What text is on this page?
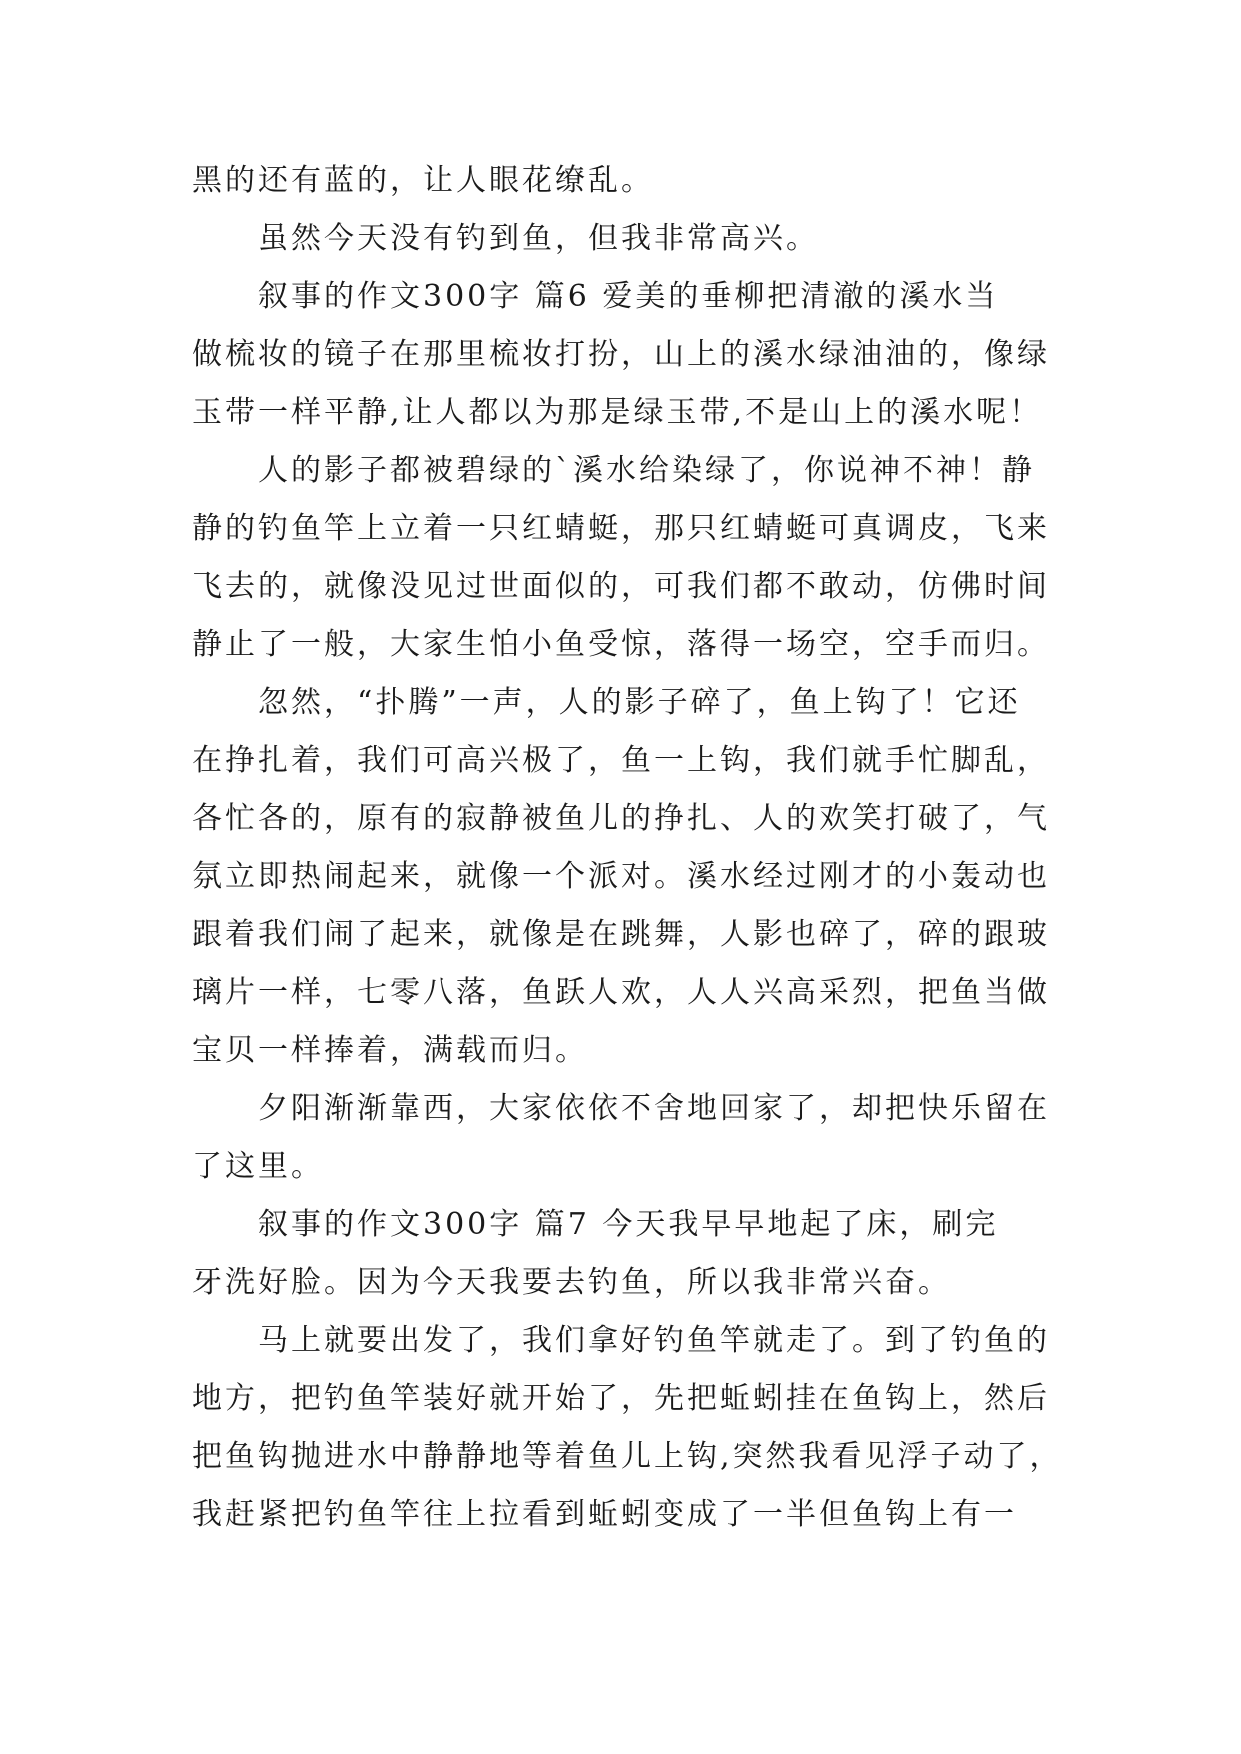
黑的还有蓝的，让人眼花缭乱。
虽然今天没有钓到鱼，但我非常高兴。
叙事的作文300字 篇6 爱美的垂柳把清澈的溪水当
做梳妆的镜子在那里梳妆打扮，山上的溪水绿油油的，像绿
玉带一样平静,让人都以为那是绿玉带,不是山上的溪水呢！
人的影子都被碧绿的`溪水给染绿了，你说神不神！静
静的钓鱼竿上立着一只红蜻蜓，那只红蜻蜓可真调皮，飞来
飞去的，就像没见过世面似的，可我们都不敢动，仿佛时间
静止了一般，大家生怕小鱼受惊，落得一场空，空手而归。
忽然，“扑腾”一声，人的影子碎了，鱼上钩了！它还
在挣扎着，我们可高兴极了，鱼一上钩，我们就手忙脚乱，
各忙各的，原有的寂静被鱼儿的挣扎、人的欢笑打破了，气
氛立即热闹起来，就像一个派对。溪水经过刚才的小轰动也
跟着我们闹了起来，就像是在跳舞，人影也碎了，碎的跟玻
璃片一样，七零八落，鱼跃人欢，人人兴高采烈，把鱼当做
宝贝一样捧着，满载而归。
夕阳渐渐靠西，大家依依不舍地回家了，却把快乐留在
了这里。
叙事的作文300字 篇7 今天我早早地起了床，刷完
牙洗好脸。因为今天我要去钓鱼，所以我非常兴奋。
马上就要出发了，我们拿好钓鱼竿就走了。到了钓鱼的
地方，把钓鱼竿装好就开始了，先把蚯蚓挂在鱼钩上，然后
把鱼钩抛进水中静静地等着鱼儿上钩,突然我看见浮子动了，
我赶紧把钓鱼竿往上拉看到蚯蚓变成了一半但鱼钩上有一
